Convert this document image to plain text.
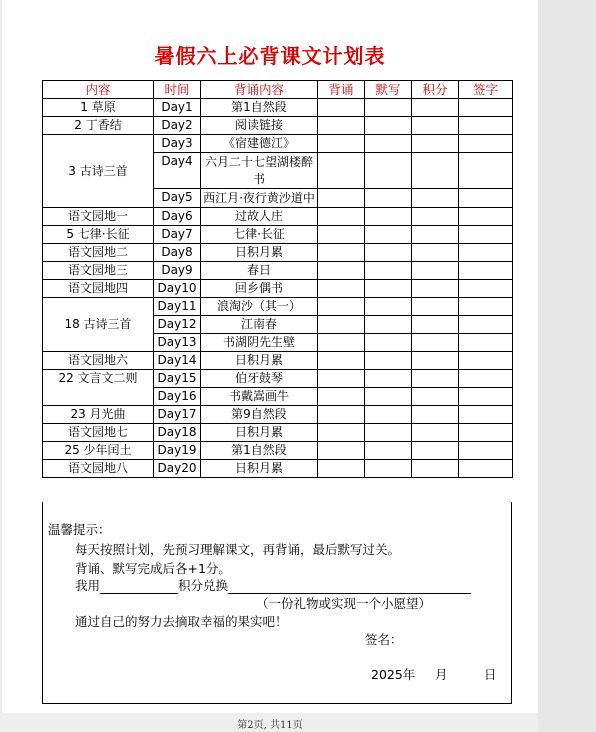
暑假六上必背课文计划表
内容	时间	背诵内容	背诵	默写	积分	签字
1 草原	Day1	第1自然段				
2 丁香结	Day2	阅读链接				
3 古诗三首	Day3	《宿建德江》				
	Day4	六月二十七望湖楼醉书				

	Day5	西江月·夜行黄沙道中				

语文园地一	Day6	过故人庄				
5 七律·长征	Day7	七律·长征				
语文园地二	Day8	日积月累				
语文园地三	Day9	春日				
语文园地四	Day10	回乡偶书				
18 古诗三首	Day11	浪淘沙（其一）				
	Day12	江南春				
	Day13	书湖阴先生壁				
语文园地六	Day14	日积月累				
22 文言文二则	Day15	伯牙鼓琴				
	Day16	书戴嵩画牛				
23 月光曲	Day17	第9自然段				
语文园地七	Day18	日积月累				
25 少年闰土	Day19	第1自然段				
语文园地八	Day20	日积月累				
温馨提示：
每天按照计划，先预习理解课文，再背诵，最后默写过关。
背诵、默写完成后各+1分。
我用	积分兑换
（一份礼物或实现一个小愿望）
通过自己的努力去摘取幸福的果实吧！
签名：
2025年 月	日
第2页, 共11页
